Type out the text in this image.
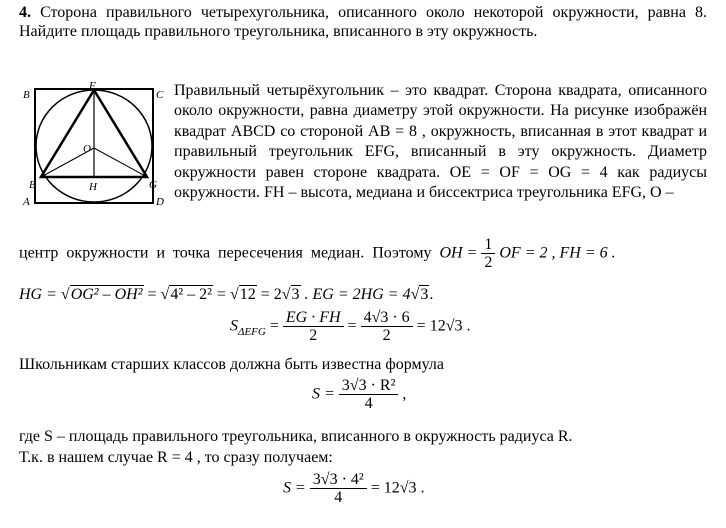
4. Сторона правильного четырехугольника, описанного около некоторой окружности, равна 8. Найдите площадь правильного треугольника, вписанного в эту окружность.
B	C
A	D
F
E	G
H
O
Правильный четырёхугольник – это квадрат. Сторона квадрата, описанного около окружности, равна диаметру этой окружности. На рисунке изображён квадрат ABCD со стороной AB = 8 , окружность, вписанная в этот квадрат и правильный треугольник EFG, вписанный в эту окружность. Диаметр окружности равен стороне квадрата. OE = OF = OG = 4 как радиусы окружности. FH – высота, медиана и биссектриса треугольника EFG, O –
центр окружности и точка пересечения медиан. Поэтому OH = $\frac{1}{2}$ OF = 2 , FH = 6 .
HG = √OG² – OH² = √4² – 2² = √12 = 2√3 . EG = 2HG = 4√3.
$S_{\Delta EFG} = \frac{EG \cdot FH}{2} = \frac{4√3 \cdot 6}{2} = 12√3$ .
Школьникам старших классов должна быть известна формула
$S = \frac{\text{3√3 · R²}}{4}$ ,
где S – площадь правильного треугольника, вписанного в окружность радиуса R.
Т.к. в нашем случае R = 4 , то сразу получаем:
$S = \frac{\text{3√3 · 4²}}{4} = 12√3$ .
